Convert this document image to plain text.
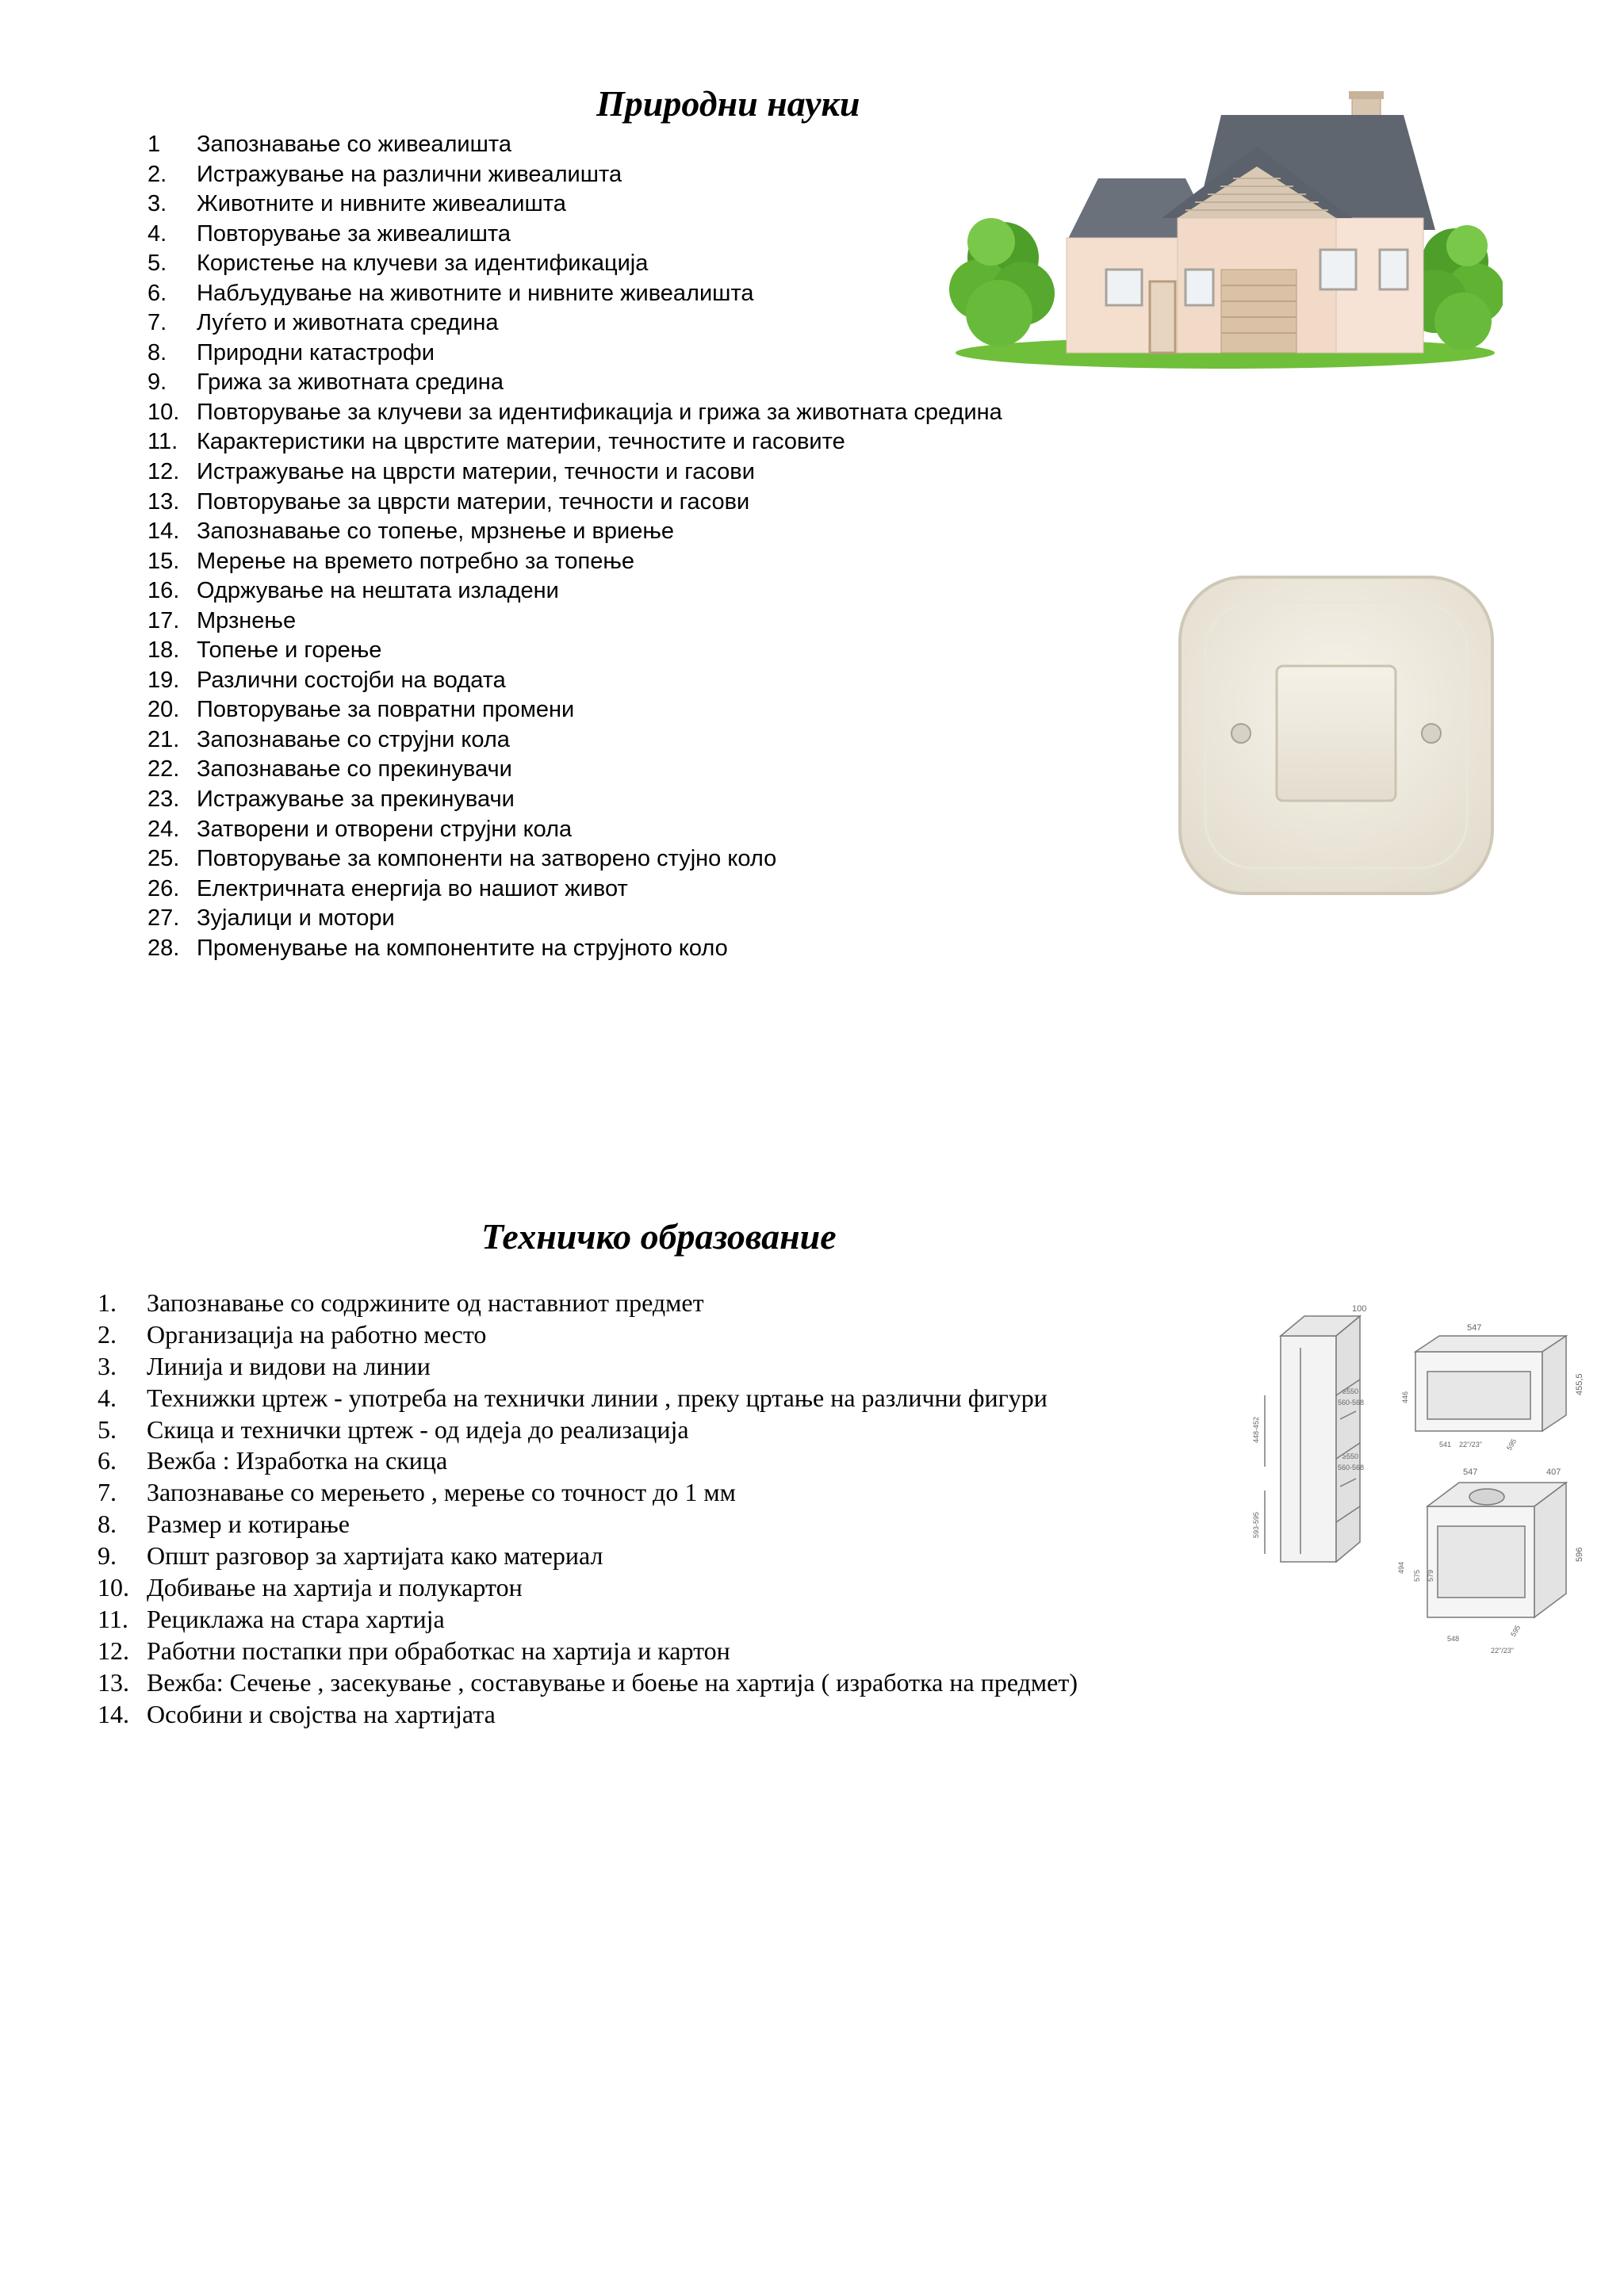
Природни науки
1 Запознавање со живеалишта
2. Истражување на различни живеалишта
3. Животните и нивните живеалишта
4. Повторување за живеалишта
5. Користење на клучеви за идентификација
6. Набљудување на животните и нивните живеалишта
7. Луѓето и животната средина
8. Природни катастрофи
9. Грижа за животната средина
10. Повторување за клучеви за идентификација и грижа за животната средина
11. Карактеристики на цврстите материи, течностите и гасовите
12. Истражување на цврсти материи, течности и гасови
13. Повторување за цврсти материи, течности и гасови
14. Запознавање со топење, мрзнење и вриење
15. Мерење на времето потребно за топење
16. Одржување на нештата изладени
17. Мрзнење
18. Топење и горење
19. Различни состојби на водата
20. Повторување за повратни промени
21. Запознавање со струјни кола
22. Запознавање со прекинувачи
23. Истражување за прекинувачи
24. Затворени и отворени струјни кола
25. Повторување за компоненти на затворено стујно коло
26. Електричната енергија во нашиот живот
27. Зујалици и мотори
28. Променување на компонентите на струјното коло
Техничко образование
1. Запознавање со содржините од наставниот предмет
2. Организација на работно место
3. Линија и видови на линии
4. Технижки цртеж - употреба на технички линии , преку цртање на различни фигури
5. Скица и технички цртеж - од идеја до реализација
6. Вежба : Изработка на скица
7. Запознавање со мерењето , мерење со точност до 1 мм
8. Размер и котирање
9. Општ разговор за хартијата како материал
10. Добивање на хартија и полукартон
11. Рециклажа на стара хартија
12. Работни постапки при обработкас на хартија и картон
13. Вежба: Сечење , засекување , составување и боење на хартија ( изработка на предмет)
14. Особини и својства на хартијата
100
≥550
560-568
≥550
560-568
448-452
593-595
547
455,5
446
595
541 22"/23"
547	407
596
494
575 579
548
22"/23"
595
